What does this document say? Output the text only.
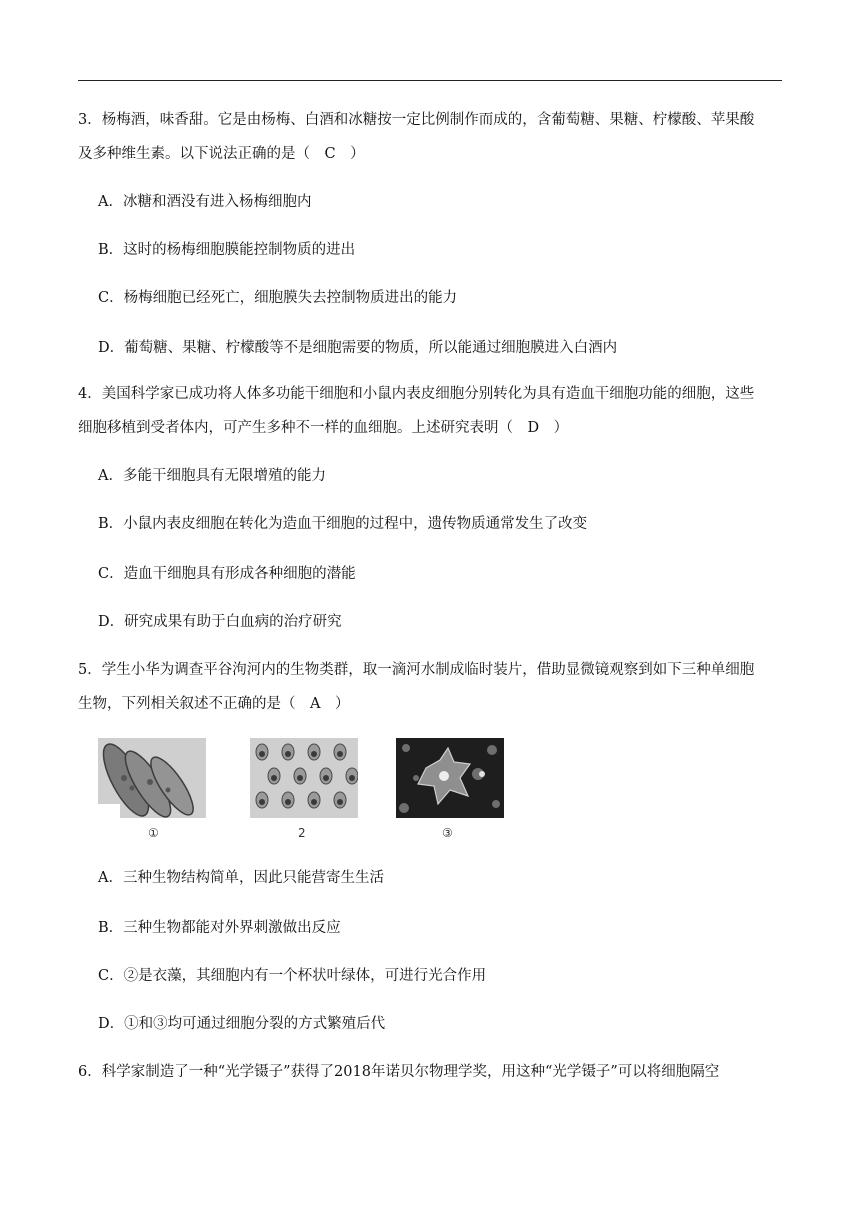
3．杨梅酒，味香甜。它是由杨梅、白酒和冰糖按一定比例制作而成的，含葡萄糖、果糖、柠檬酸、苹果酸
及多种维生素。以下说法正确的是（　C　）
A．冰糖和酒没有进入杨梅细胞内
B．这时的杨梅细胞膜能控制物质的进出
C．杨梅细胞已经死亡，细胞膜失去控制物质进出的能力
D．葡萄糖、果糖、柠檬酸等不是细胞需要的物质，所以能通过细胞膜进入白酒内
4．美国科学家已成功将人体多功能干细胞和小鼠内表皮细胞分别转化为具有造血干细胞功能的细胞，这些
细胞移植到受者体内，可产生多种不一样的血细胞。上述研究表明（　D　）
A．多能干细胞具有无限增殖的能力
B．小鼠内表皮细胞在转化为造血干细胞的过程中，遗传物质通常发生了改变
C．造血干细胞具有形成各种细胞的潜能
D．研究成果有助于白血病的治疗研究
5．学生小华为调查平谷泃河内的生物类群，取一滴河水制成临时装片，借助显微镜观察到如下三种单细胞
生物，下列相关叙述不正确的是（　A　）
①	2	③
A．三种生物结构简单，因此只能营寄生生活
B．三种生物都能对外界刺激做出反应
C．②是衣藻，其细胞内有一个杯状叶绿体，可进行光合作用
D．①和③均可通过细胞分裂的方式繁殖后代
6．科学家制造了一种“光学镊子”获得了2018年诺贝尔物理学奖，用这种“光学镊子”可以将细胞隔空
